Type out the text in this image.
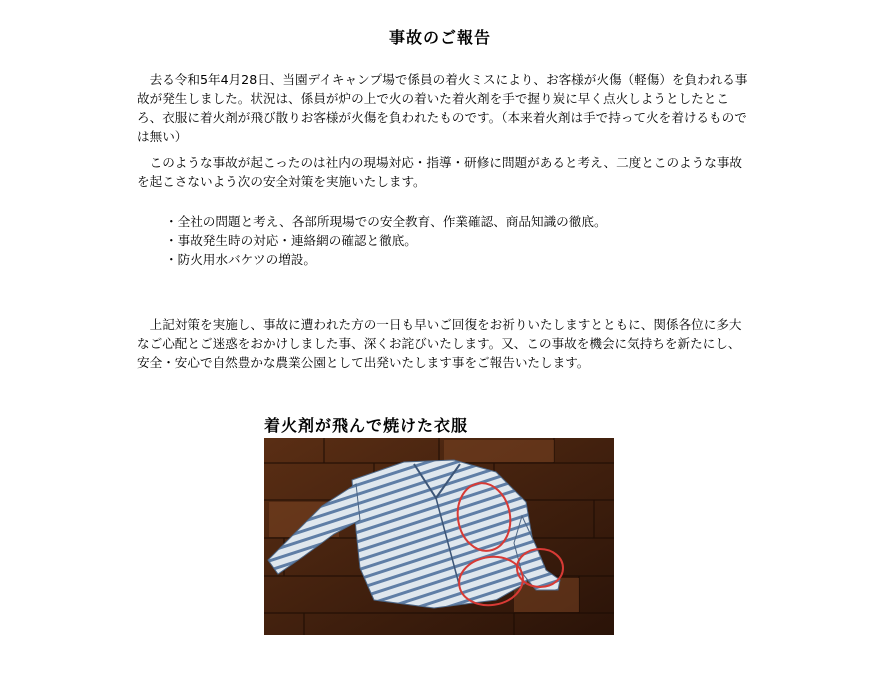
事故のご報告

　去る令和5年4月28日、当園デイキャンプ場で係員の着火ミスにより、お客様が火傷（軽傷）を負われる事故が発生しました。状況は、係員が炉の上で火の着いた着火剤を手で握り炭に早く点火しようとしたところ、衣服に着火剤が飛び散りお客様が火傷を負われたものです。（本来着火剤は手で持って火を着けるものでは無い）

　このような事故が起こったのは社内の現場対応・指導・研修に問題があると考え、二度とこのような事故を起こさないよう次の安全対策を実施いたします。

・全社の問題と考え、各部所現場での安全教育、作業確認、商品知識の徹底。
・事故発生時の対応・連絡網の確認と徹底。
・防火用水バケツの増設。

　上記対策を実施し、事故に遭われた方の一日も早いご回復をお祈りいたしますとともに、関係各位に多大なご心配とご迷惑をおかけしました事、深くお詫びいたします。又、この事故を機会に気持ちを新たにし、安全・安心で自然豊かな農業公園として出発いたします事をご報告いたします。

着火剤が飛んで焼けた衣服
